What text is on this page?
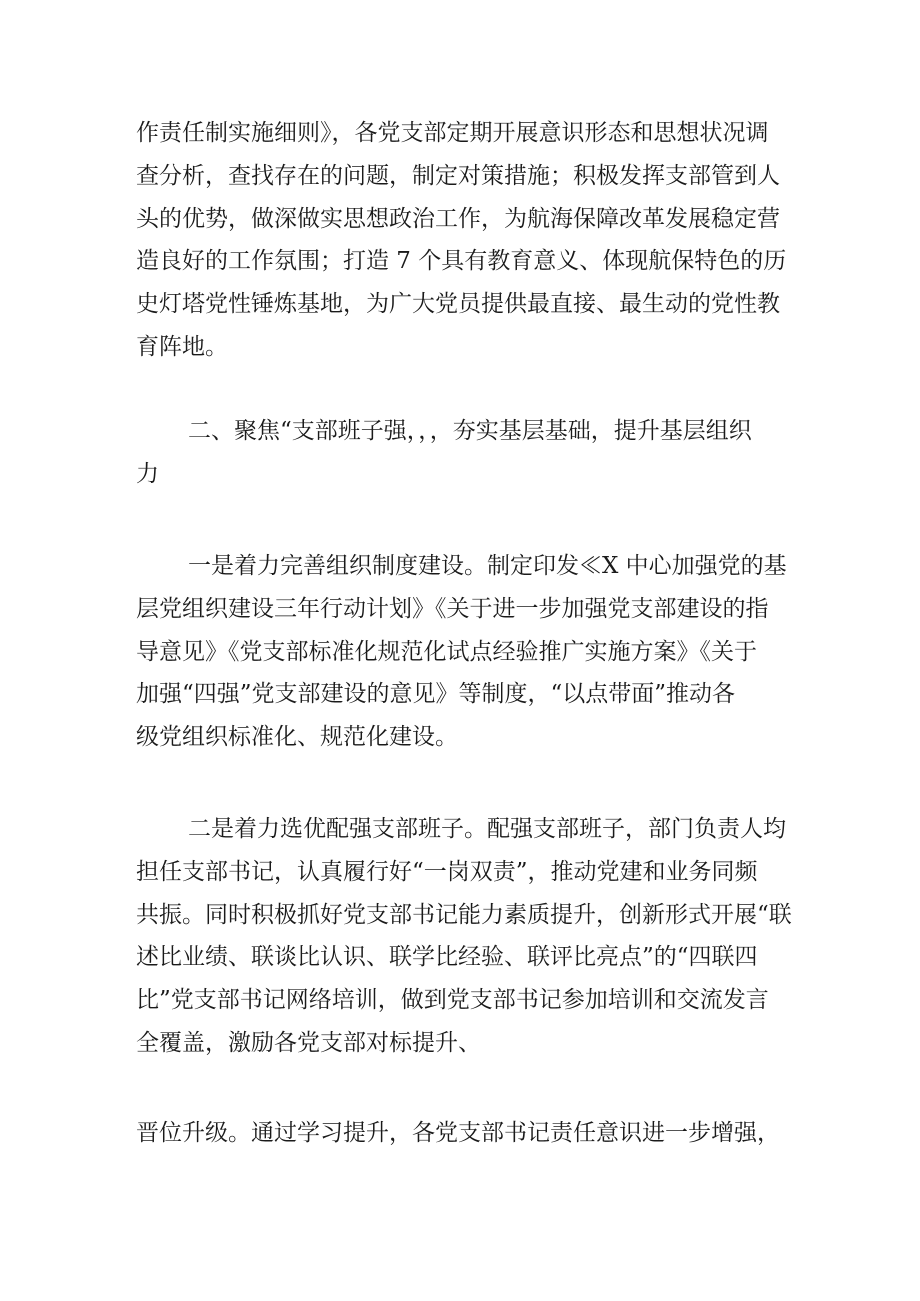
作责任制实施细则》，各党支部定期开展意识形态和思想状况调
查分析，查找存在的问题，制定对策措施；积极发挥支部管到人
头的优势，做深做实思想政治工作，为航海保障改革发展稳定营
造良好的工作氛围；打造 7 个具有教育意义、体现航保特色的历
史灯塔党性锤炼基地，为广大党员提供最直接、最生动的党性教
育阵地。
二、聚焦“支部班子强，，，夯实基层基础，提升基层组织
力
一是着力完善组织制度建设。制定印发≪X 中心加强党的基
层党组织建设三年行动计划》《关于进一步加强党支部建设的指
导意见》《党支部标准化规范化试点经验推广实施方案》《关于
加强“四强”党支部建设的意见》等制度，“以点带面”推动各
级党组织标准化、规范化建设。
二是着力选优配强支部班子。配强支部班子，部门负责人均
担任支部书记，认真履行好“一岗双责”，推动党建和业务同频
共振。同时积极抓好党支部书记能力素质提升，创新形式开展“联
述比业绩、联谈比认识、联学比经验、联评比亮点”的“四联四
比”党支部书记网络培训，做到党支部书记参加培训和交流发言
全覆盖，激励各党支部对标提升、
晋位升级。通过学习提升，各党支部书记责任意识进一步增强，
